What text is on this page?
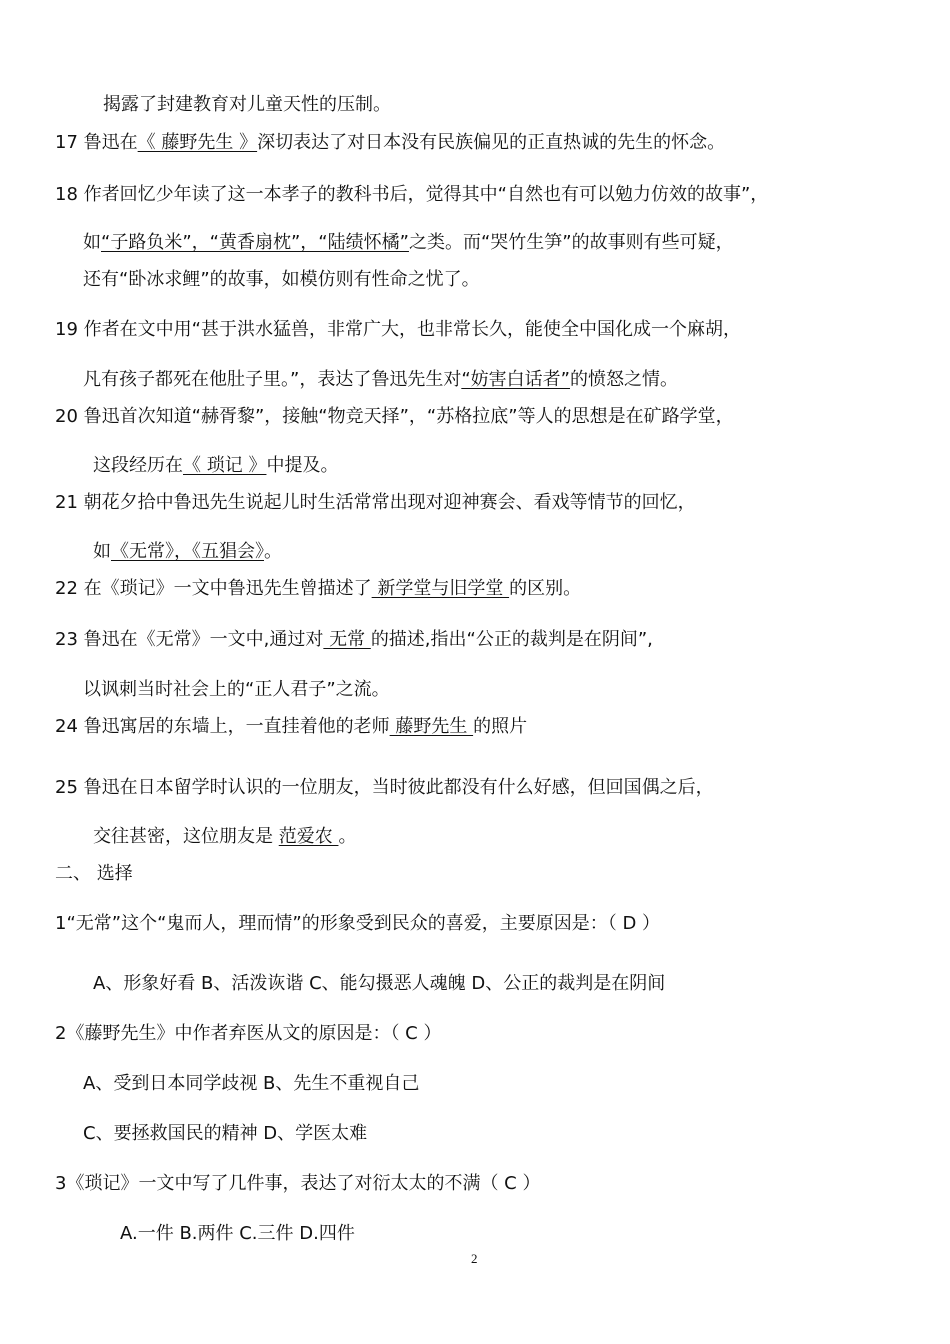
揭露了封建教育对儿童天性的压制。
17 鲁迅在《 藤野先生 》深切表达了对日本没有民族偏见的正直热诚的先生的怀念。
18 作者回忆少年读了这一本孝子的教科书后，觉得其中“自然也有可以勉力仿效的故事”，
如“子路负米”，“黄香扇枕”，“陆绩怀橘”之类。而“哭竹生笋”的故事则有些可疑，
还有“卧冰求鲤”的故事，如模仿则有性命之忧了。
19 作者在文中用“甚于洪水猛兽，非常广大，也非常长久，能使全中国化成一个麻胡，
凡有孩子都死在他肚子里。”，表达了鲁迅先生对“妨害白话者”的愤怒之情。
20 鲁迅首次知道“赫胥黎”，接触“物竞天择”，“苏格拉底”等人的思想是在矿路学堂，
这段经历在《 琐记 》中提及。
21 朝花夕拾中鲁迅先生说起儿时生活常常出现对迎神赛会、看戏等情节的回忆，
如《无常》，《五猖会》。
22 在《琐记》一文中鲁迅先生曾描述了 新学堂与旧学堂 的区别。
23 鲁迅在《无常》一文中,通过对 无常 的描述,指出“公正的裁判是在阴间”,
以讽刺当时社会上的“正人君子”之流。
24 鲁迅寓居的东墙上，一直挂着他的老师 藤野先生 的照片
25 鲁迅在日本留学时认识的一位朋友，当时彼此都没有什么好感，但回国偶之后，
交往甚密，这位朋友是 范爱农 。
二、 选择
1“无常”这个“鬼而人，理而情”的形象受到民众的喜爱，主要原因是：（ D ）
A、形象好看 B、活泼诙谐 C、能勾摄恶人魂魄 D、公正的裁判是在阴间
2《藤野先生》中作者弃医从文的原因是：（ C ）
A、受到日本同学歧视 B、先生不重视自己
C、要拯救国民的精神 D、学医太难
3《琐记》一文中写了几件事，表达了对衍太太的不满（ C ）
A.一件 B.两件 C.三件 D.四件
2
